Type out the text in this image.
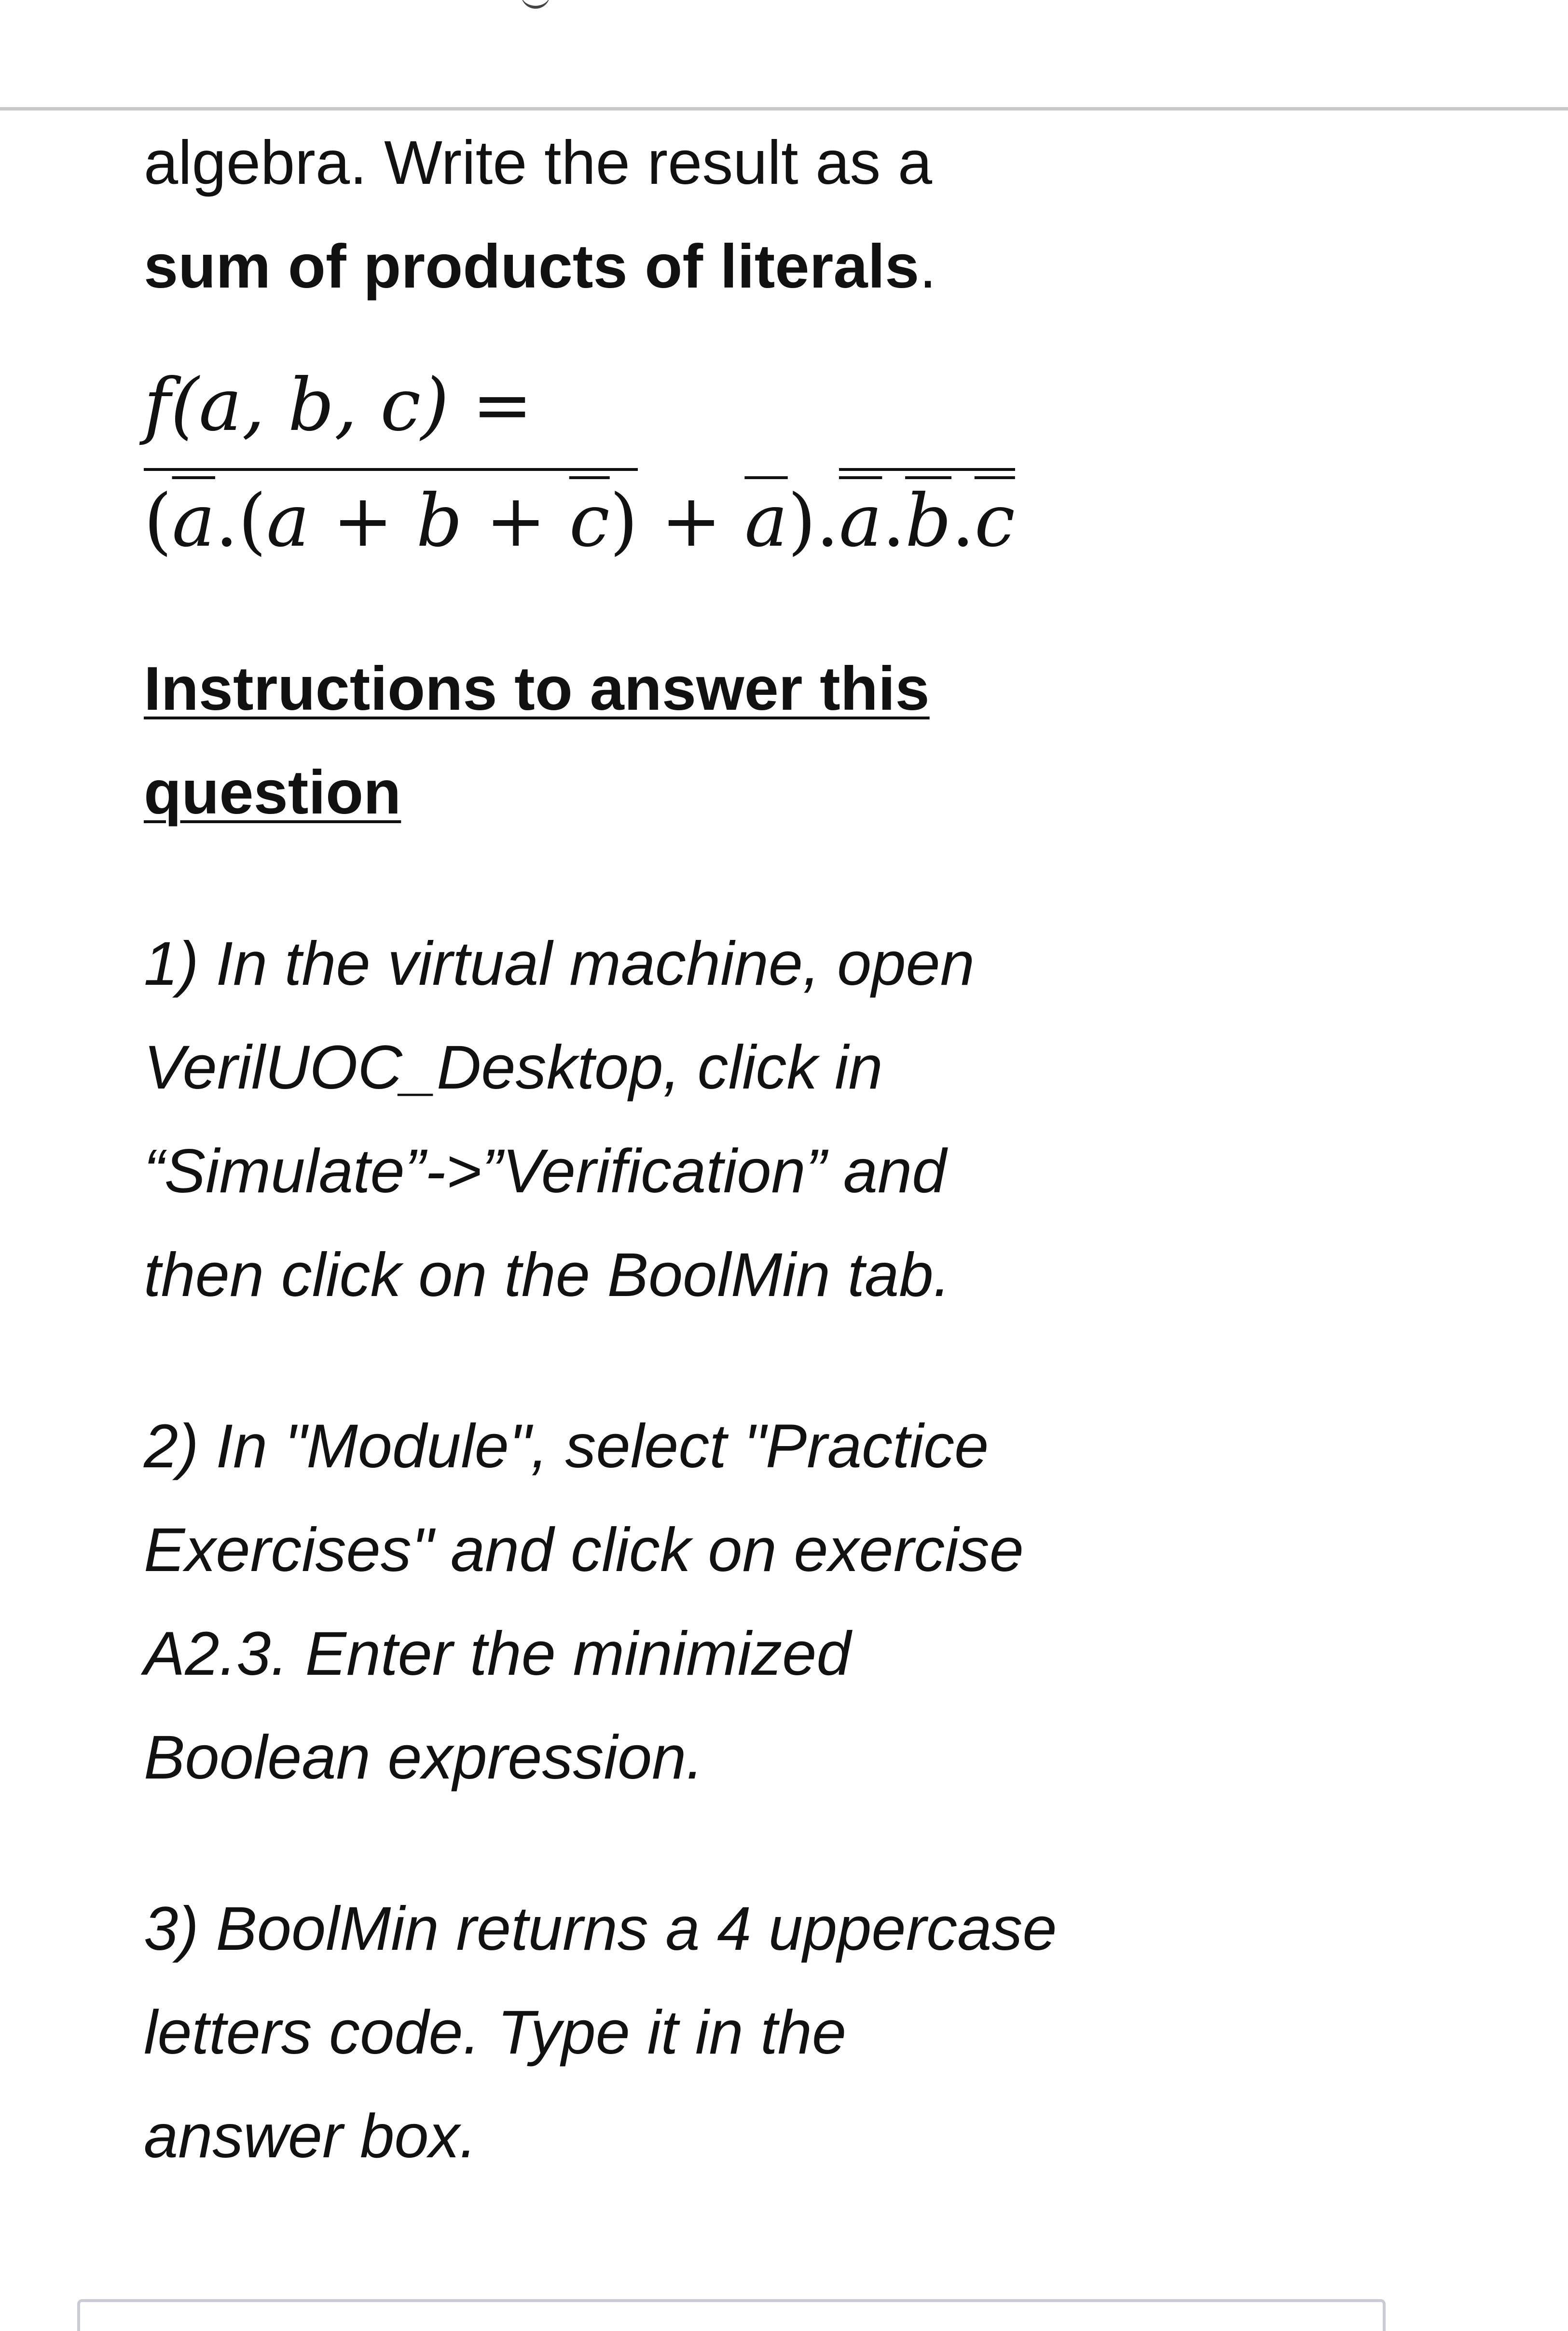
algebra. Write the result as a
sum of products of literals.
f(a, b, c) =
$(\overline{a}.(a + b + \overline{c}) + \overline{a}).\overline{a}.\overline{b}.\overline{c}$
Instructions to answer this question
1) In the virtual machine, open VerilUOC_Desktop, click in “Simulate”->”Verification” and then click on the BoolMin tab.
2) In "Module", select "Practice Exercises" and click on exercise A2.3. Enter the minimized Boolean expression.
3) BoolMin returns a 4 uppercase letters code. Type it in the answer box.
